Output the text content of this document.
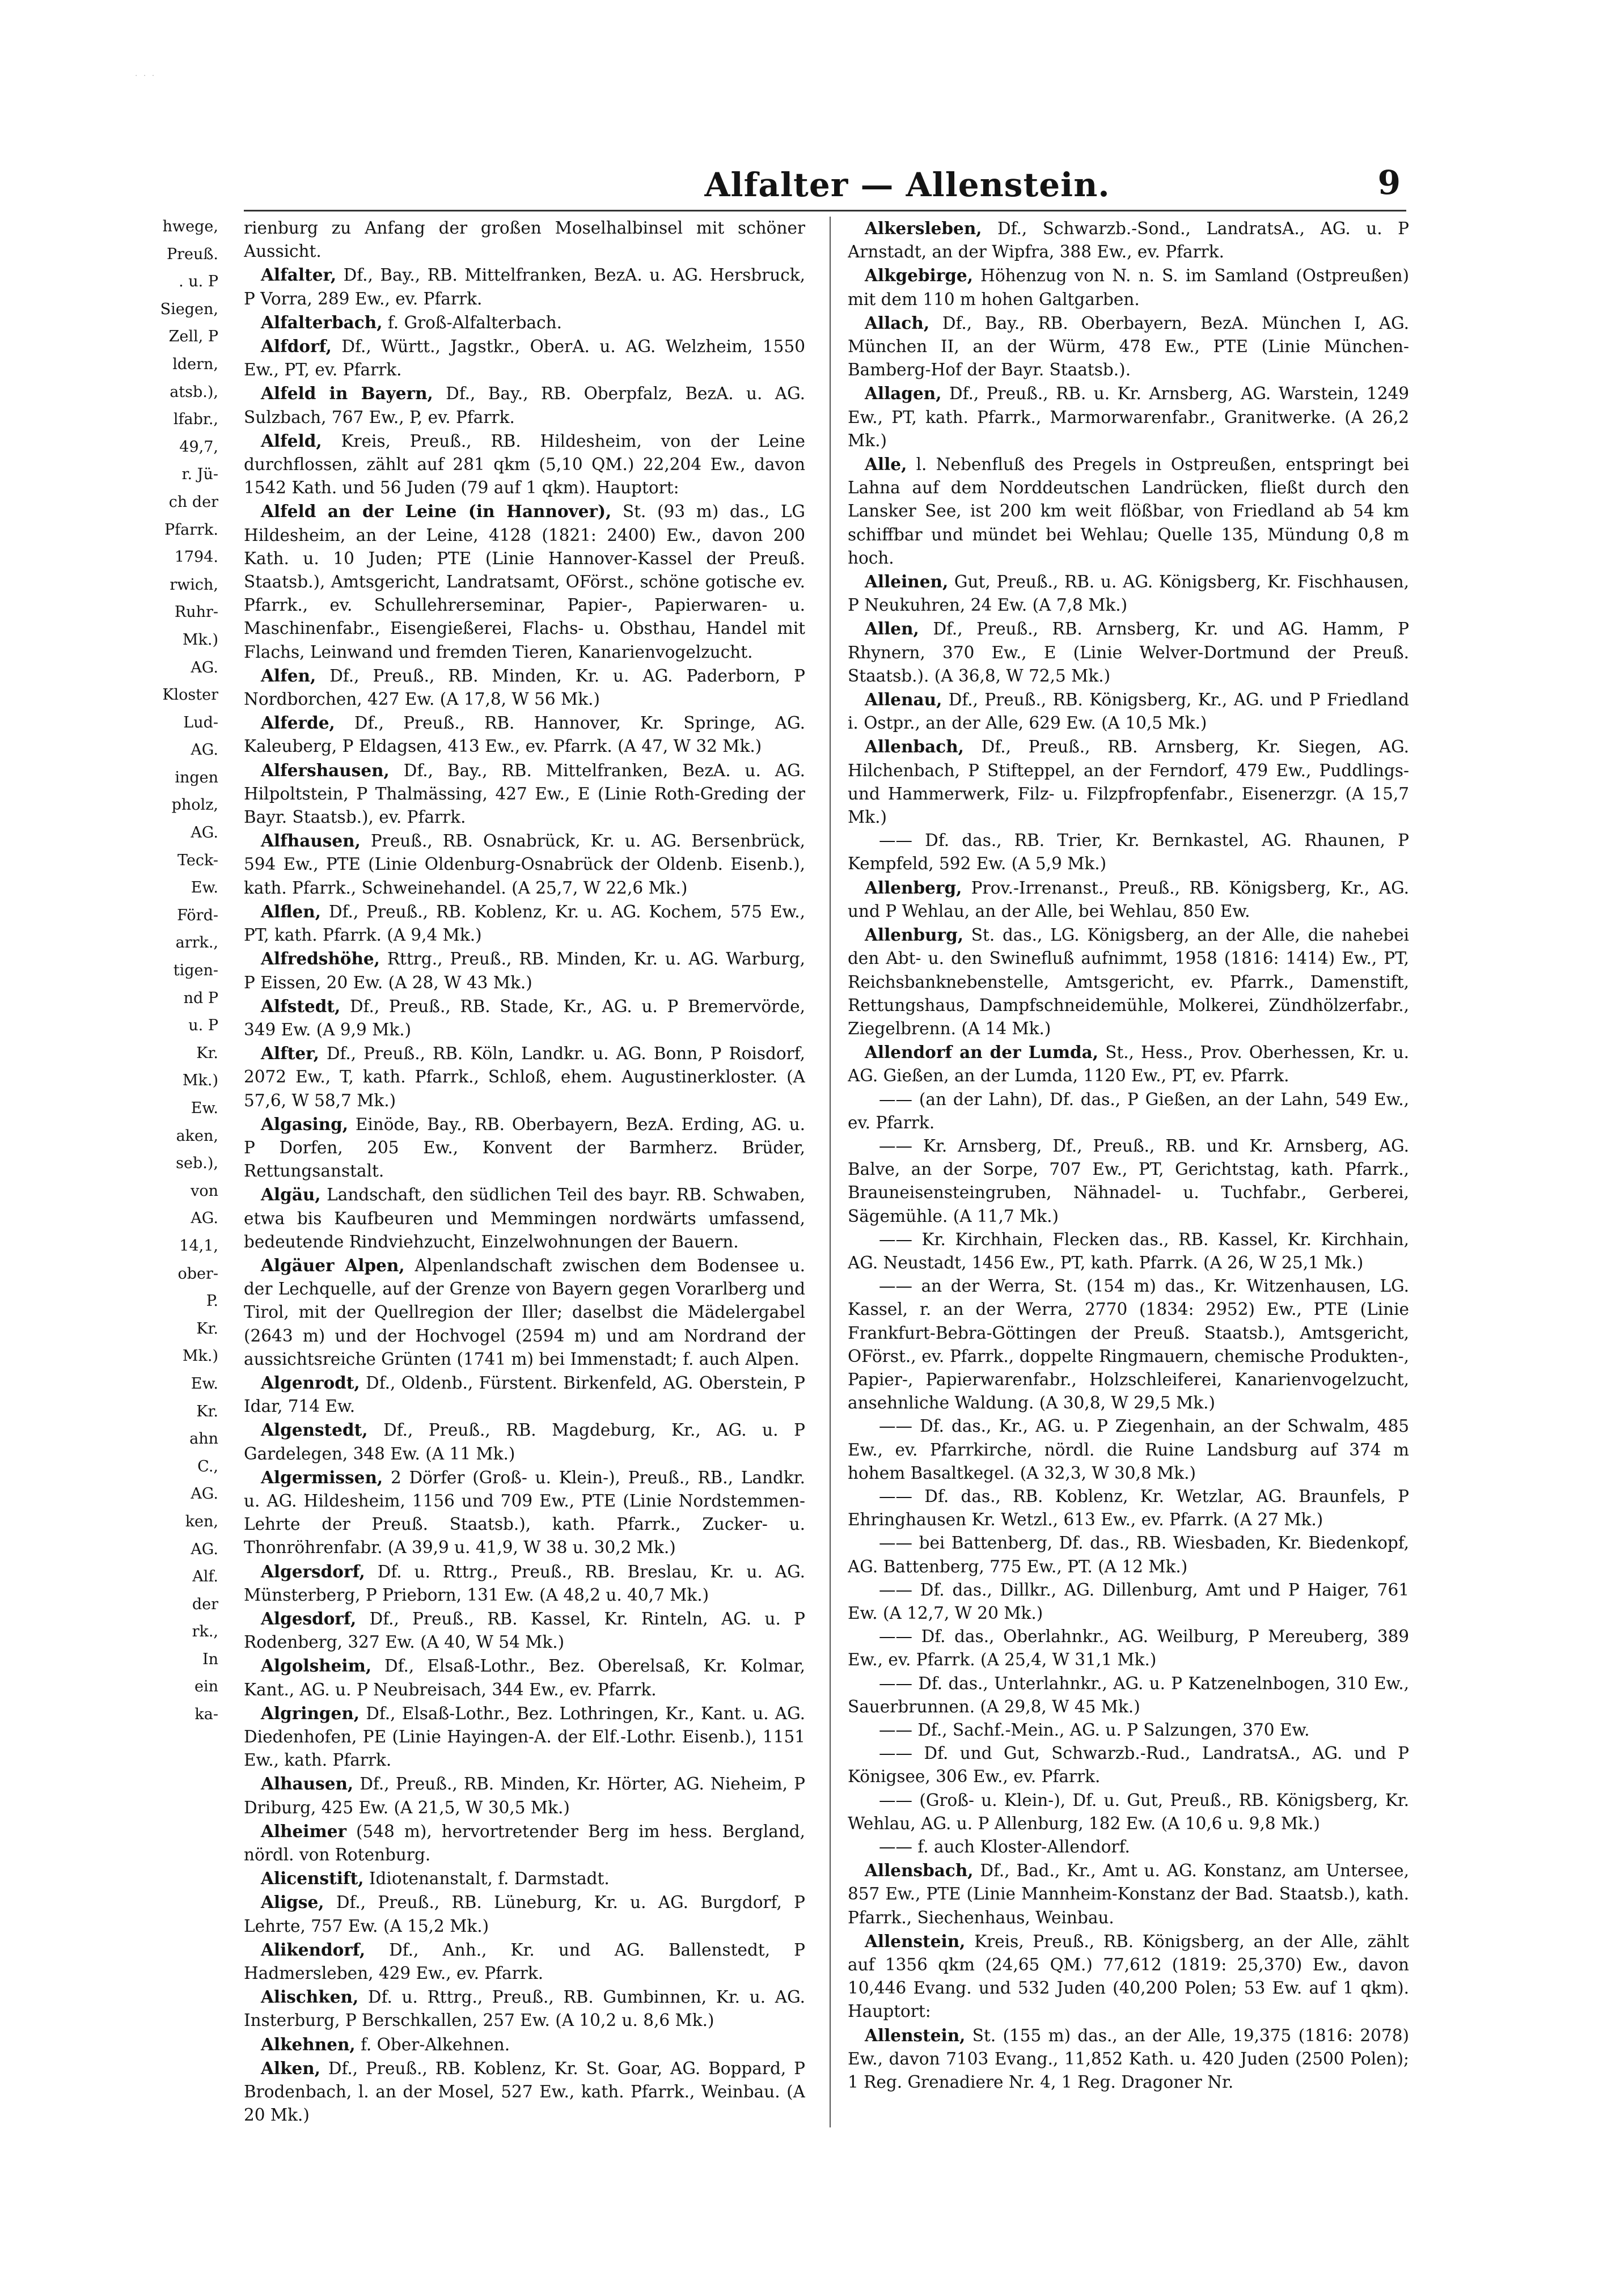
· · ·
Alfalter — Allenstein.	9
hwege,
Preuß.
. u. P
Siegen,
Zell, P
ldern,
atsb.),
lfabr.,
49,7,
r. Jü-
ch der
Pfarrk.
1794.
rwich,
Ruhr-
Mk.)
AG.
Kloster
Lud-
AG.
ingen
pholz,
AG.
Teck-
Ew.
Förd-
arrk.,
tigen-
nd P
u. P
Kr.
Mk.)
Ew.
aken,
seb.),
von
AG.
14,1,
ober-
P.
Kr.
Mk.)
Ew.
Kr.
ahn
C.,
AG.
ken,
AG.
Alf.
der
rk.,
In
ein
ka-

rienburg zu Anfang der großen Moselhalbinsel mit schöner Aussicht.

Alfalter, Df., Bay., RB. Mittelfranken, BezA. u. AG. Hersbruck, P Vorra, 289 Ew., ev. Pfarrk.

Alfalterbach, f. Groß-Alfalterbach.

Alfdorf, Df., Württ., Jagstkr., OberA. u. AG. Welzheim, 1550 Ew., PT, ev. Pfarrk.

Alfeld in Bayern, Df., Bay., RB. Oberpfalz, BezA. u. AG. Sulzbach, 767 Ew., P, ev. Pfarrk.

Alfeld, Kreis, Preuß., RB. Hildesheim, von der Leine durchflossen, zählt auf 281 qkm (5,10 QM.) 22,204 Ew., davon 1542 Kath. und 56 Juden (79 auf 1 qkm). Hauptort:

Alfeld an der Leine (in Hannover), St. (93 m) das., LG Hildesheim, an der Leine, 4128 (1821: 2400) Ew., davon 200 Kath. u. 10 Juden; PTE (Linie Hannover-Kassel der Preuß. Staatsb.), Amtsgericht, Landratsamt, OFörst., schöne gotische ev. Pfarrk., ev. Schullehrerseminar, Papier-, Papierwaren- u. Maschinenfabr., Eisengießerei, Flachs- u. Obsthau, Handel mit Flachs, Leinwand und fremden Tieren, Kanarienvogelzucht.

Alfen, Df., Preuß., RB. Minden, Kr. u. AG. Paderborn, P Nordborchen, 427 Ew. (A 17,8, W 56 Mk.)

Alferde, Df., Preuß., RB. Hannover, Kr. Springe, AG. Kaleuberg, P Eldagsen, 413 Ew., ev. Pfarrk. (A 47, W 32 Mk.)

Alfershausen, Df., Bay., RB. Mittelfranken, BezA. u. AG. Hilpoltstein, P Thalmässing, 427 Ew., E (Linie Roth-Greding der Bayr. Staatsb.), ev. Pfarrk.

Alfhausen, Preuß., RB. Osnabrück, Kr. u. AG. Bersenbrück, 594 Ew., PTE (Linie Oldenburg-Osnabrück der Oldenb. Eisenb.), kath. Pfarrk., Schweinehandel. (A 25,7, W 22,6 Mk.)

Alflen, Df., Preuß., RB. Koblenz, Kr. u. AG. Kochem, 575 Ew., PT, kath. Pfarrk. (A 9,4 Mk.)

Alfredshöhe, Rttrg., Preuß., RB. Minden, Kr. u. AG. Warburg, P Eissen, 20 Ew. (A 28, W 43 Mk.)

Alfstedt, Df., Preuß., RB. Stade, Kr., AG. u. P Bremervörde, 349 Ew. (A 9,9 Mk.)

Alfter, Df., Preuß., RB. Köln, Landkr. u. AG. Bonn, P Roisdorf, 2072 Ew., T, kath. Pfarrk., Schloß, ehem. Augustinerkloster. (A 57,6, W 58,7 Mk.)

Algasing, Einöde, Bay., RB. Oberbayern, BezA. Erding, AG. u. P Dorfen, 205 Ew., Konvent der Barmherz. Brüder, Rettungsanstalt.

Algäu, Landschaft, den südlichen Teil des bayr. RB. Schwaben, etwa bis Kaufbeuren und Memmingen nordwärts umfassend, bedeutende Rindviehzucht, Einzelwohnungen der Bauern.

Algäuer Alpen, Alpenlandschaft zwischen dem Bodensee u. der Lechquelle, auf der Grenze von Bayern gegen Vorarlberg und Tirol, mit der Quellregion der Iller; daselbst die Mädelergabel (2643 m) und der Hochvogel (2594 m) und am Nordrand der aussichtsreiche Grünten (1741 m) bei Immenstadt; f. auch Alpen.

Algenrodt, Df., Oldenb., Fürstent. Birkenfeld, AG. Oberstein, P Idar, 714 Ew.

Algenstedt, Df., Preuß., RB. Magdeburg, Kr., AG. u. P Gardelegen, 348 Ew. (A 11 Mk.)

Algermissen, 2 Dörfer (Groß- u. Klein-), Preuß., RB., Landkr. u. AG. Hildesheim, 1156 und 709 Ew., PTE (Linie Nordstemmen-Lehrte der Preuß. Staatsb.), kath. Pfarrk., Zucker- u. Thonröhrenfabr. (A 39,9 u. 41,9, W 38 u. 30,2 Mk.)

Algersdorf, Df. u. Rttrg., Preuß., RB. Breslau, Kr. u. AG. Münsterberg, P Prieborn, 131 Ew. (A 48,2 u. 40,7 Mk.)

Algesdorf, Df., Preuß., RB. Kassel, Kr. Rinteln, AG. u. P Rodenberg, 327 Ew. (A 40, W 54 Mk.)

Algolsheim, Df., Elsaß-Lothr., Bez. Oberelsaß, Kr. Kolmar, Kant., AG. u. P Neubreisach, 344 Ew., ev. Pfarrk.

Algringen, Df., Elsaß-Lothr., Bez. Lothringen, Kr., Kant. u. AG. Diedenhofen, PE (Linie Hayingen-A. der Elf.-Lothr. Eisenb.), 1151 Ew., kath. Pfarrk.

Alhausen, Df., Preuß., RB. Minden, Kr. Hörter, AG. Nieheim, P Driburg, 425 Ew. (A 21,5, W 30,5 Mk.)

Alheimer (548 m), hervortretender Berg im hess. Bergland, nördl. von Rotenburg.

Alicenstift, Idiotenanstalt, f. Darmstadt.

Aligse, Df., Preuß., RB. Lüneburg, Kr. u. AG. Burgdorf, P Lehrte, 757 Ew. (A 15,2 Mk.)

Alikendorf, Df., Anh., Kr. und AG. Ballenstedt, P Hadmersleben, 429 Ew., ev. Pfarrk.

Alischken, Df. u. Rttrg., Preuß., RB. Gumbinnen, Kr. u. AG. Insterburg, P Berschkallen, 257 Ew. (A 10,2 u. 8,6 Mk.)

Alkehnen, f. Ober-Alkehnen.

Alken, Df., Preuß., RB. Koblenz, Kr. St. Goar, AG. Boppard, P Brodenbach, l. an der Mosel, 527 Ew., kath. Pfarrk., Weinbau. (A 20 Mk.)

Alkersleben, Df., Schwarzb.-Sond., LandratsA., AG. u. P Arnstadt, an der Wipfra, 388 Ew., ev. Pfarrk.

Alkgebirge, Höhenzug von N. n. S. im Samland (Ostpreußen) mit dem 110 m hohen Galtgarben.

Allach, Df., Bay., RB. Oberbayern, BezA. München I, AG. München II, an der Würm, 478 Ew., PTE (Linie München-Bamberg-Hof der Bayr. Staatsb.).

Allagen, Df., Preuß., RB. u. Kr. Arnsberg, AG. Warstein, 1249 Ew., PT, kath. Pfarrk., Marmorwarenfabr., Granitwerke. (A 26,2 Mk.)

Alle, l. Nebenfluß des Pregels in Ostpreußen, entspringt bei Lahna auf dem Norddeutschen Landrücken, fließt durch den Lansker See, ist 200 km weit flößbar, von Friedland ab 54 km schiffbar und mündet bei Wehlau; Quelle 135, Mündung 0,8 m hoch.

Alleinen, Gut, Preuß., RB. u. AG. Königsberg, Kr. Fischhausen, P Neukuhren, 24 Ew. (A 7,8 Mk.)

Allen, Df., Preuß., RB. Arnsberg, Kr. und AG. Hamm, P Rhynern, 370 Ew., E (Linie Welver-Dortmund der Preuß. Staatsb.). (A 36,8, W 72,5 Mk.)

Allenau, Df., Preuß., RB. Königsberg, Kr., AG. und P Friedland i. Ostpr., an der Alle, 629 Ew. (A 10,5 Mk.)

Allenbach, Df., Preuß., RB. Arnsberg, Kr. Siegen, AG. Hilchenbach, P Stifteppel, an der Ferndorf, 479 Ew., Puddlings- und Hammerwerk, Filz- u. Filzpfropfenfabr., Eisenerzgr. (A 15,7 Mk.)

—— Df. das., RB. Trier, Kr. Bernkastel, AG. Rhaunen, P Kempfeld, 592 Ew. (A 5,9 Mk.)

Allenberg, Prov.-Irrenanst., Preuß., RB. Königsberg, Kr., AG. und P Wehlau, an der Alle, bei Wehlau, 850 Ew.

Allenburg, St. das., LG. Königsberg, an der Alle, die nahebei den Abt- u. den Swinefluß aufnimmt, 1958 (1816: 1414) Ew., PT, Reichsbanknebenstelle, Amtsgericht, ev. Pfarrk., Damenstift, Rettungshaus, Dampfschneidemühle, Molkerei, Zündhölzerfabr., Ziegelbrenn. (A 14 Mk.)

Allendorf an der Lumda, St., Hess., Prov. Oberhessen, Kr. u. AG. Gießen, an der Lumda, 1120 Ew., PT, ev. Pfarrk.

—— (an der Lahn), Df. das., P Gießen, an der Lahn, 549 Ew., ev. Pfarrk.

—— Kr. Arnsberg, Df., Preuß., RB. und Kr. Arnsberg, AG. Balve, an der Sorpe, 707 Ew., PT, Gerichtstag, kath. Pfarrk., Brauneisensteingruben, Nähnadel- u. Tuchfabr., Gerberei, Sägemühle. (A 11,7 Mk.)

—— Kr. Kirchhain, Flecken das., RB. Kassel, Kr. Kirchhain, AG. Neustadt, 1456 Ew., PT, kath. Pfarrk. (A 26, W 25,1 Mk.)

—— an der Werra, St. (154 m) das., Kr. Witzenhausen, LG. Kassel, r. an der Werra, 2770 (1834: 2952) Ew., PTE (Linie Frankfurt-Bebra-Göttingen der Preuß. Staatsb.), Amtsgericht, OFörst., ev. Pfarrk., doppelte Ringmauern, chemische Produkten-, Papier-, Papierwarenfabr., Holzschleiferei, Kanarienvogelzucht, ansehnliche Waldung. (A 30,8, W 29,5 Mk.)

—— Df. das., Kr., AG. u. P Ziegenhain, an der Schwalm, 485 Ew., ev. Pfarrkirche, nördl. die Ruine Landsburg auf 374 m hohem Basaltkegel. (A 32,3, W 30,8 Mk.)

—— Df. das., RB. Koblenz, Kr. Wetzlar, AG. Braunfels, P Ehringhausen Kr. Wetzl., 613 Ew., ev. Pfarrk. (A 27 Mk.)

—— bei Battenberg, Df. das., RB. Wiesbaden, Kr. Biedenkopf, AG. Battenberg, 775 Ew., PT. (A 12 Mk.)

—— Df. das., Dillkr., AG. Dillenburg, Amt und P Haiger, 761 Ew. (A 12,7, W 20 Mk.)

—— Df. das., Oberlahnkr., AG. Weilburg, P Mereuberg, 389 Ew., ev. Pfarrk. (A 25,4, W 31,1 Mk.)

—— Df. das., Unterlahnkr., AG. u. P Katzenelnbogen, 310 Ew., Sauerbrunnen. (A 29,8, W 45 Mk.)

—— Df., Sachf.-Mein., AG. u. P Salzungen, 370 Ew.

—— Df. und Gut, Schwarzb.-Rud., LandratsA., AG. und P Königsee, 306 Ew., ev. Pfarrk.

—— (Groß- u. Klein-), Df. u. Gut, Preuß., RB. Königsberg, Kr. Wehlau, AG. u. P Allenburg, 182 Ew. (A 10,6 u. 9,8 Mk.)

—— f. auch Kloster-Allendorf.

Allensbach, Df., Bad., Kr., Amt u. AG. Konstanz, am Untersee, 857 Ew., PTE (Linie Mannheim-Konstanz der Bad. Staatsb.), kath. Pfarrk., Siechenhaus, Weinbau.

Allenstein, Kreis, Preuß., RB. Königsberg, an der Alle, zählt auf 1356 qkm (24,65 QM.) 77,612 (1819: 25,370) Ew., davon 10,446 Evang. und 532 Juden (40,200 Polen; 53 Ew. auf 1 qkm). Hauptort:

Allenstein, St. (155 m) das., an der Alle, 19,375 (1816: 2078) Ew., davon 7103 Evang., 11,852 Kath. u. 420 Juden (2500 Polen); 1 Reg. Grenadiere Nr. 4, 1 Reg. Dragoner Nr.
